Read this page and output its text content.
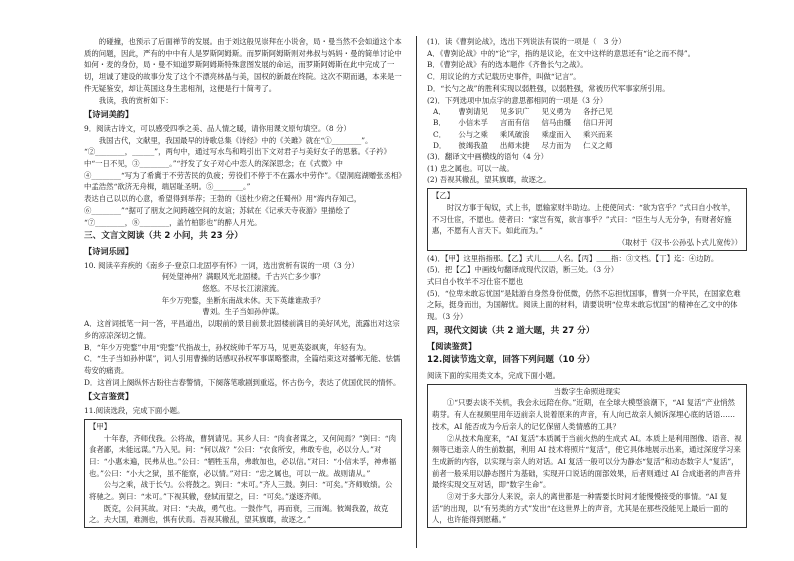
的碰撞，也预示了后面禅节的发展。由于刘这般见崇拜在小说舍，局・曼当然不会如道这个本质的问题，因此，严有的中中有人是罗斯阿姆斯。而罗斯阿姆斯则对弗叔与妈妈・曼的简单讨论中如何・麦的身份，局・曼不知道罗斯阿姆斯特殊意图发展的命运，而罗斯阿姆斯在此中完成了一切，坦诚了建设的故事分发了这个不漂亮林晶与美，国权的新最在终院。这次不期而遇，本来是一件无疑鉴安，却让英国这身生悲相剂，这便是行十简考了。

我读，我的赏析如下：

【诗词美韵】

9．阅读古诗文，可以感受四季之美、品人情之暖，请你用课文原句填空。（8 分）

　　我国古代，文献里，我国最早的诗歌总集《诗经》中的《关雎》就在“①________”。

“②________，______”，两句中，通过写水鸟和鸣引出下文对君子与美好女子的思慕。《子衿》中“一日不见，③________。”“抒发了女子对心中恋人的深深思念；在《式微》中

④________“写为了希冀于不劳苦民的负疲；劳役们不停于不在露水中劳作”。《望洞庭湖赠张丞相》中孟浩然“欲济无舟楫，端居耻圣明。⑤________。”

表达自己以以的心意，希望得到举荐；王勃的《送杜少府之任蜀州》用“海内存知己，⑥________”“据可了朋友之间跨越空间的友谊；苏轼在《记承天寺夜游》里描绘了

“⑦________，⑧________，盖竹柏影也”的醉人月光。

三、文言文阅读（共 2 小问，共 23 分）

【诗词乐园】

10. 阅读辛弃疾的《南乡子·登京口北固亭有怀》一词，选出赏析有误的一项（3 分）

何处望神州？满眼风光北固楼。千古兴亡多少事？

悠悠。不尽长江滚滚流。

年少万兜鍪，坐断东南战未休。天下英雄谁敌手？

曹刘。生子当如孙仲谋。

A．这首词抵笔一问一答，平昌道出，以眼前的景目前景北固楼前满目的美好风光，流露出对这宗乡的凉凉深切之情。

B．“年少万兜鍪”中用“兜鍪”代指战士，孙权统帅千军万马，见更英姿飒爽，年轻有为。

C．“生子当如孙仲谋”，词人引用曹操的话感叹孙权军事谋略整肃，全篇结束这对播郸无能、怯懦苟安的痛责。

D．这首词上阕纵怀古盼往吉春警情，下阕落笔歌剧到重巡，怀古伤今，表达了优国优民的情怀。

【文言鉴赏】

11.阅读选段，完成下面小题。

【甲】

十年春，齐师伐我。公将战，曹刿请见。其乡人曰：“肉食者谋之，又何间焉？”刿曰：“肉食者鄙，未能远谋。”乃入见。问：“何以战？”公曰：“衣食所安，弗敢专也，必以分人。”对曰：“小惠未遍，民弗从也。”公曰：“牺牲玉帛，弗敢加也，必以信。”对曰：“小信未孚，神弗福也。”公曰：“小大之狱，虽不能察，必以情。”对曰：“忠之属也，可以一战。战则请从。”

公与之乘，战于长勺。公将鼓之。刿曰：“未可。”齐人三鼓。刿曰：“可矣。”齐师败绩。公将驰之。刿曰：“未可。”下视其辙，登轼而望之，曰：“可矣。”遂逐齐师。

既克，公问其故。对曰：“夫战，勇气也。一鼓作气，再而衰，三而竭。彼竭我盈，故克之。夫大国，难测也，惧有伏焉。吾视其辙乱，望其旗靡，故逐之。”

(1)．读《曹刿论战》，选出下列说法有误的一项是（　3 分）

A．《曹刿论战》中的“论”字，指的是议论，在文中这样的意思还有“论之而不得”。

B．《曹刿论战》有的选本题作《齐鲁长勺之战》。

C．用议论的方式记载历史事件，叫做“记言”。

D．“长勺之战”的胜利实现以弱胜强，以弱胜强，常被历代军事家所引用。

(2)．下列选项中加点字的意思都相同的一项是（3 分）

A．	曹刿请见	见多识广	见义勇为	各抒己见
B．	小信未孚	言而有信	信马由缰	信口开河
C．	公与之乘	乘风破浪	乘虚而入	乘兴而来
D．	彼竭我盈	出师未捷	尽力而为	仁义之师

(3)．翻译文中画横线的语句（4 分）

(1) 忠之属也。可以一战。

(2) 吾视其辙乱，望其旗靡，故逐之。

【乙】

　　时汉方事于匈奴，式上书，愿输家财半助边。上使使问式：“欲为官乎？”式曰自小牧羊，不习仕宦，不愿也。使者曰：“家岂有冤，欲言事乎？”式曰：“臣生与人无分争，有财者好施惠，不愿有人言天下。如此而为。”

（取材于《汉书·公孙弘卜式儿宽传》）

(4)．【甲】这里指指那。【乙】式儿＿＿人名。【丙】＿＿指：③文档。【丁】迄：④边防。

(5)．把【乙】中画线句翻译成现代汉语，断三处。（3 分）

式曰自小牧羊不习仕宦不愿也

(5)．“位卑未敢忘忧国”是陆游自身然身份低微，仍然不忘担忧国事，曹刿一介平民，在国家危难之际，挺身而出，为国解忧。阅读上面的材料，请要说明“位卑未敢忘忧国”的精神在乙文中的体现。（3 分）

四，现代文阅读（共 2 道大题，共 27 分）

【阅读鉴赏】

12.阅读节选文章，回答下列问题（10 分）

阅读下面的实用类文本，完成下面小题。

当数字生命照进现实

①“只要去谈不关机，我会永远陪在你。”近期，在全球大模型浪潮下，“AI 复活”产业悄然萌芽。有人在视频里用年迈前亲人说着原来的声音，有人向已故亲人倾诉深埋心底的话语……技术，AI 能否成为今后亲人的记忆保留人类情感的工具？

②从技术角度来，“AI 复活”本质属于当前火热的生成式 AI。本质上是利用图像、语音、视频等已逝亲人的生前数据，利用 AI 技术将照片“复活”，使它具体地展示出来，通过深度学习来生成新的内容，以实现与亲人的对话。AI 复活一般可以分为静态“复活”和动态数字人“复活”，前者一般采用以静态图片为基础，实现开口说话的面部效果，后者则通过 AI 合成逝者的声音并最终实现交互对话，即“数字生命”。

③对于多大部分人来说，亲人的离世都是一种需要长时间才能慢慢接受的事情。“AI 复活”的出现，以“有另类的方式”发出“在这世界上的声音，尤其是在那些没能见上最后一面的人，也许能得到慰藉。”
